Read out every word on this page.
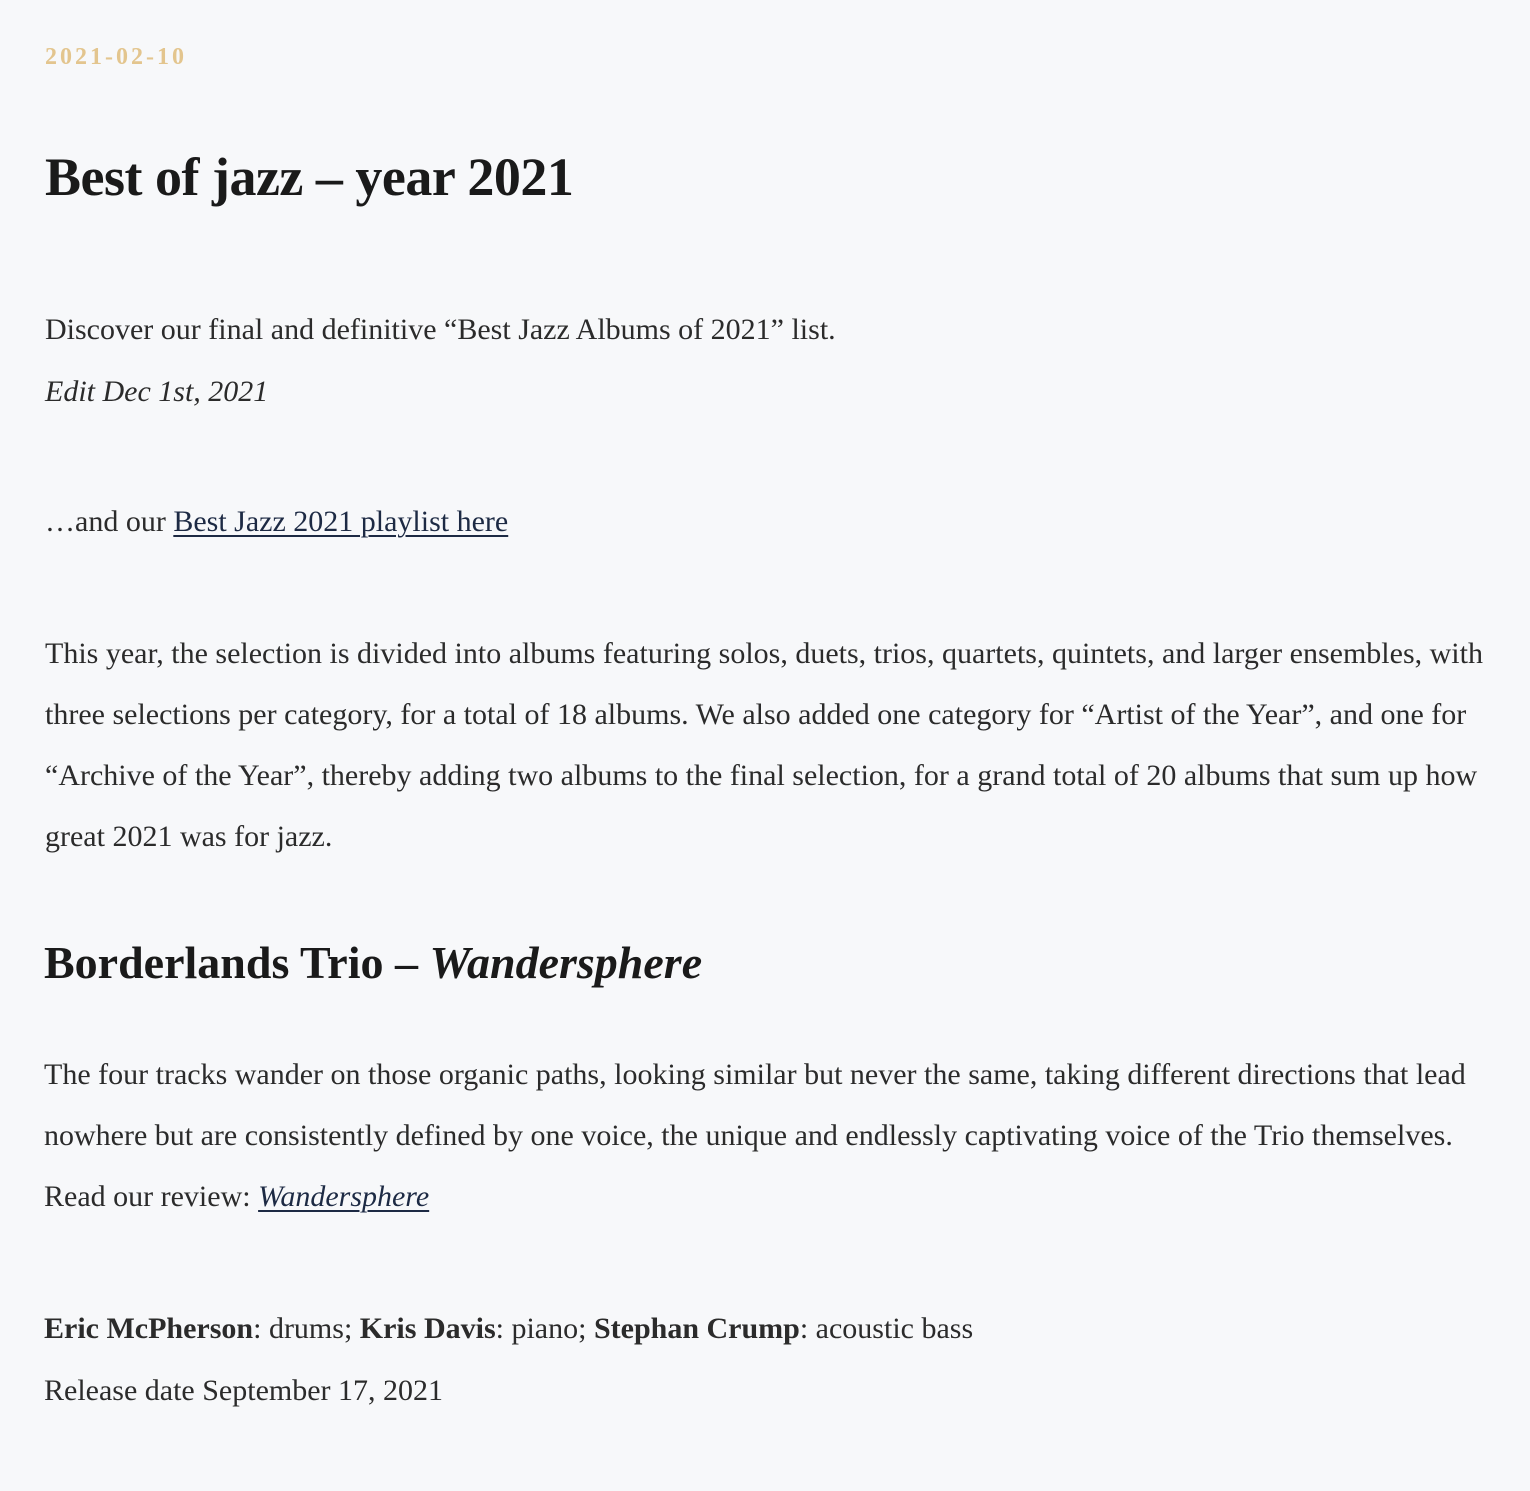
2021-02-10
Best of jazz – year 2021

Discover our final and definitive “Best Jazz Albums of 2021” list.

Edit Dec 1st, 2021

…and our Best Jazz 2021 playlist here

This year, the selection is divided into albums featuring solos, duets, trios, quartets, quintets, and larger ensembles, with three selections per category, for a total of 18 albums. We also added one category for “Artist of the Year”, and one for “Archive of the Year”, thereby adding two albums to the final selection, for a grand total of 20 albums that sum up how great 2021 was for jazz.

Borderlands Trio – Wandersphere

The four tracks wander on those organic paths, looking similar but never the same, taking different directions that lead nowhere but are consistently defined by one voice, the unique and endlessly captivating voice of the Trio themselves. Read our review: Wandersphere

Eric McPherson: drums; Kris Davis: piano; Stephan Crump: acoustic bass

Release date September 17, 2021
